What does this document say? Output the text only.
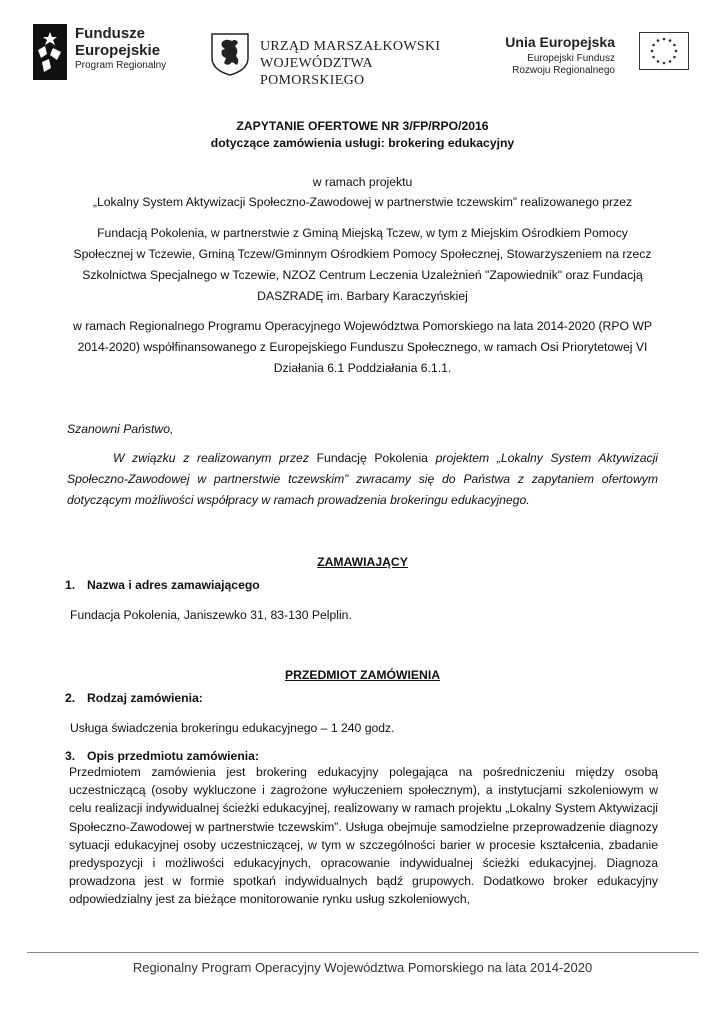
Fundusze
Europejskie
Program Regionalny
URZĄD MARSZAŁKOWSKI
WOJEWÓDZTWA POMORSKIEGO
Unia Europejska
Europejski Fundusz
Rozwoju Regionalnego

ZAPYTANIE OFERTOWE NR 3/FP/RPO/2016

dotyczące zamówienia usługi: brokering edukacyjny

w ramach projektu

„Lokalny System Aktywizacji Społeczno-Zawodowej w partnerstwie tczewskim” realizowanego przez

Fundacją Pokolenia, w partnerstwie z Gminą Miejską Tczew, w tym z Miejskim Ośrodkiem Pomocy Społecznej w Tczewie, Gminą Tczew/Gminnym Ośrodkiem Pomocy Społecznej, Stowarzyszeniem na rzecz Szkolnictwa Specjalnego w Tczewie, NZOZ Centrum Leczenia Uzależnień "Zapowiednik" oraz Fundacją DASZRADĘ im. Barbary Karaczyńskiej

w ramach Regionalnego Programu Operacyjnego Województwa Pomorskiego na lata 2014-2020 (RPO WP 2014-2020) współfinansowanego z Europejskiego Funduszu Społecznego, w ramach Osi Priorytetowej VI Działania 6.1 Poddziałania 6.1.1.

Szanowni Państwo,

W związku z realizowanym przez Fundację Pokolenia projektem „Lokalny System Aktywizacji Społeczno-Zawodowej w partnerstwie tczewskim” zwracamy się do Państwa z zapytaniem ofertowym dotyczącym możliwości współpracy w ramach prowadzenia brokeringu edukacyjnego.

ZAMAWIAJĄCY

1. Nazwa i adres zamawiającego

Fundacja Pokolenia, Janiszewko 31, 83-130 Pelplin.

PRZEDMIOT ZAMÓWIENIA

2. Rodzaj zamówienia:

Usługa świadczenia brokeringu edukacyjnego – 1 240 godz.

3. Opis przedmiotu zamówienia:

Przedmiotem zamówienia jest brokering edukacyjny polegająca na pośredniczeniu między osobą uczestniczącą (osoby wykluczone i zagrożone wyłuczeniem społecznym), a instytucjami szkoleniowym w celu realizacji indywidualnej ścieżki edukacyjnej, realizowany w ramach projektu „Lokalny System Aktywizacji Społeczno-Zawodowej w partnerstwie tczewskim”. Usługa obejmuje samodzielne przeprowadzenie diagnozy sytuacji edukacyjnej osoby uczestniczącej, w tym w szczególności barier w procesie kształcenia, zbadanie predyspozycji i możliwości edukacyjnych, opracowanie indywidualnej ścieżki edukacyjnej. Diagnoza prowadzona jest w formie spotkań indywidualnych bądź grupowych. Dodatkowo broker edukacyjny odpowiedzialny jest za bieżące monitorowanie rynku usług szkoleniowych,

Regionalny Program Operacyjny Województwa Pomorskiego na lata 2014-2020
